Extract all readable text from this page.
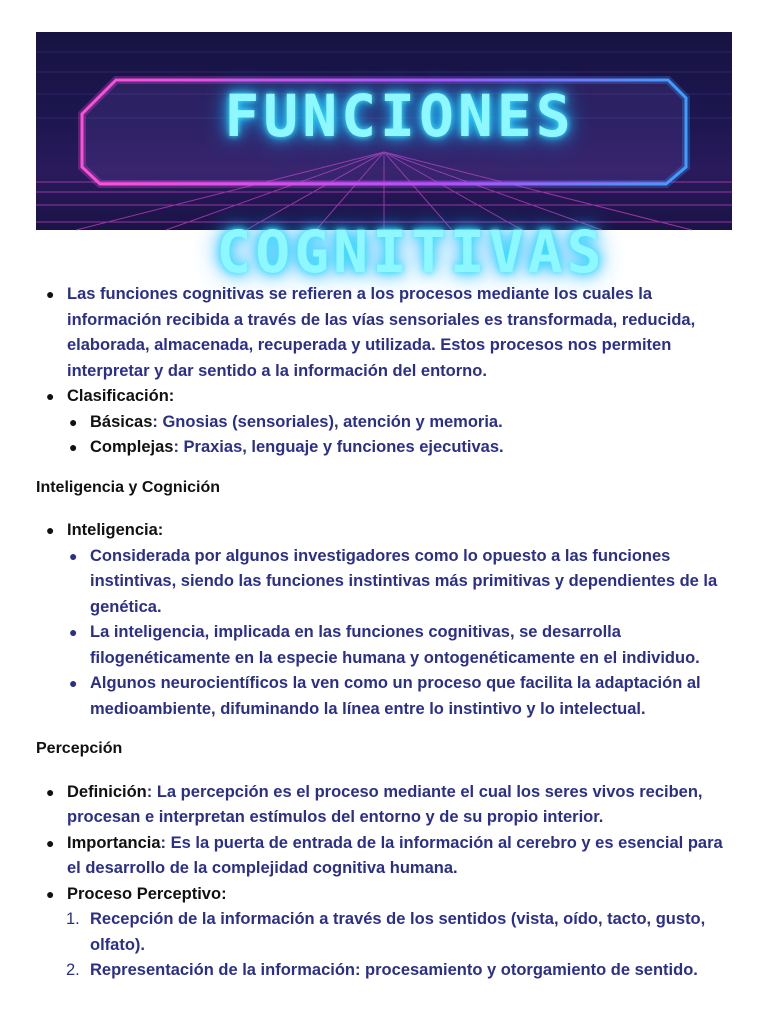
FUNCIONES
COGNITIVAS
● Las funciones cognitivas se refieren a los procesos mediante los cuales la información recibida a través de las vías sensoriales es transformada, reducida, elaborada, almacenada, recuperada y utilizada. Estos procesos nos permiten interpretar y dar sentido a la información del entorno.
● Clasificación:
● Básicas: Gnosias (sensoriales), atención y memoria.
● Complejas: Praxias, lenguaje y funciones ejecutivas.
Inteligencia y Cognición
● Inteligencia:
● Considerada por algunos investigadores como lo opuesto a las funciones instintivas, siendo las funciones instintivas más primitivas y dependientes de la genética.
● La inteligencia, implicada en las funciones cognitivas, se desarrolla filogenéticamente en la especie humana y ontogenéticamente en el individuo.
● Algunos neurocientíficos la ven como un proceso que facilita la adaptación al medioambiente, difuminando la línea entre lo instintivo y lo intelectual.
Percepción
● Definición: La percepción es el proceso mediante el cual los seres vivos reciben, procesan e interpretan estímulos del entorno y de su propio interior.
● Importancia: Es la puerta de entrada de la información al cerebro y es esencial para el desarrollo de la complejidad cognitiva humana.
● Proceso Perceptivo:
1. Recepción de la información a través de los sentidos (vista, oído, tacto, gusto, olfato).
2. Representación de la información: procesamiento y otorgamiento de sentido.
